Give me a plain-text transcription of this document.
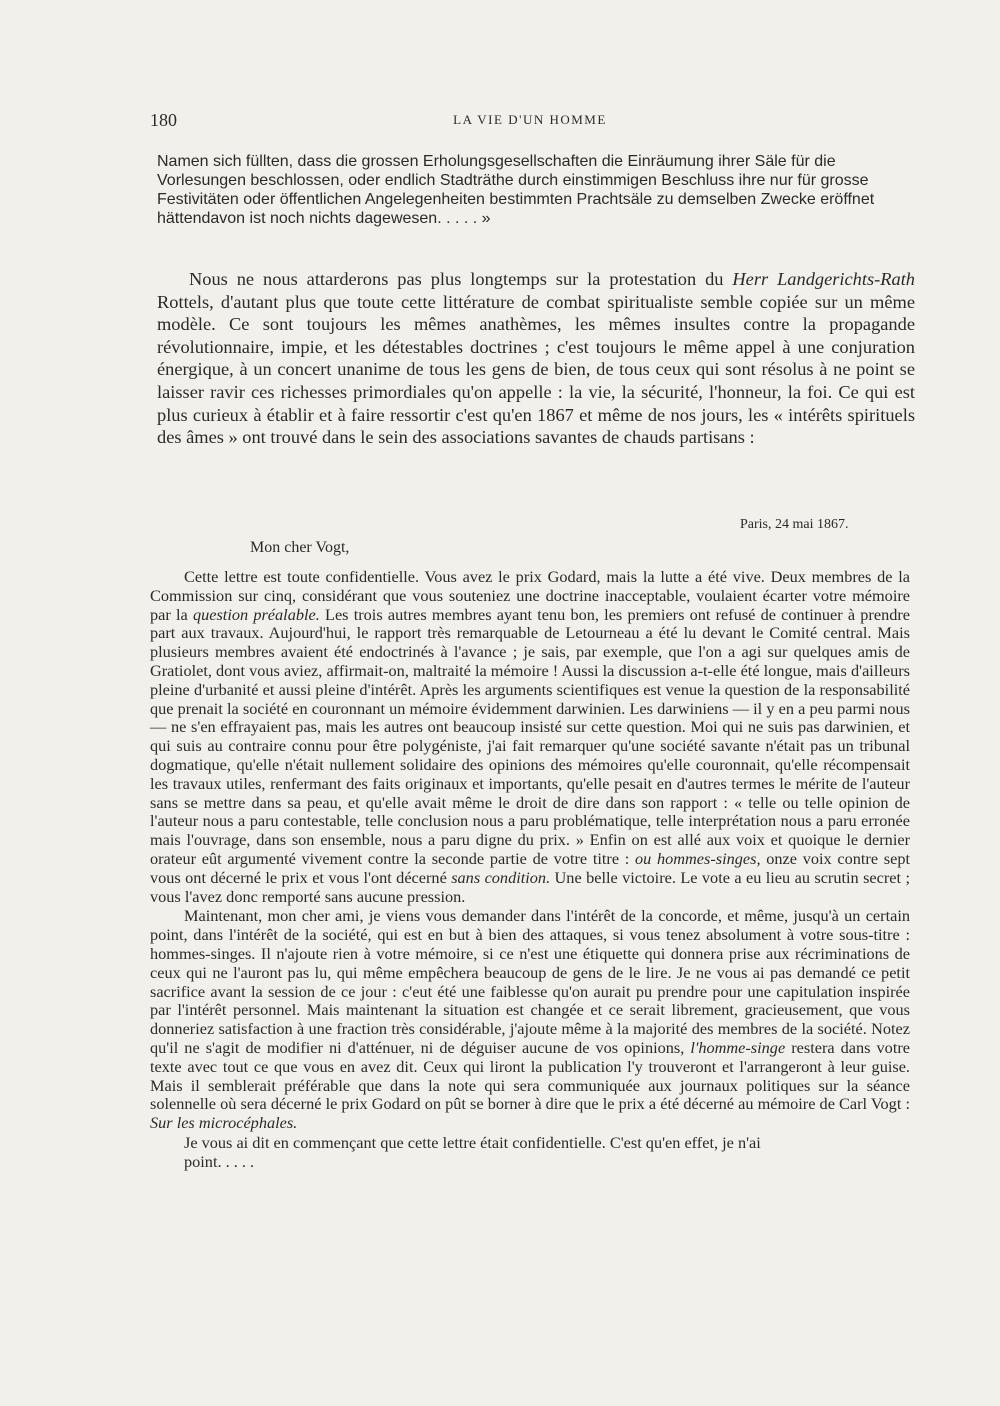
180	LA VIE D'UN HOMME
Namen sich füllten, dass die grossen Erholungsgesellschaften die Einräumung ihrer Säle für die
Vorlesungen beschlossen, oder endlich Stadträthe durch einstimmigen Beschluss ihre nur für grosse
Festivitäten oder öffentlichen Angelegenheiten bestimmten Prachtsäle zu demselben Zwecke eröffnet
hättendavon ist noch nichts dagewesen. . . . . »

Nous ne nous attarderons pas plus longtemps sur la protestation du Herr Landgerichts-Rath Rottels, d'autant plus que toute cette littérature de combat spiritualiste semble copiée sur un même modèle. Ce sont toujours les mêmes anathèmes, les mêmes insultes contre la propagande révolutionnaire, impie, et les détestables doctrines ; c'est toujours le même appel à une conjuration énergique, à un concert unanime de tous les gens de bien, de tous ceux qui sont résolus à ne point se laisser ravir ces richesses primordiales qu'on appelle : la vie, la sécurité, l'honneur, la foi. Ce qui est plus curieux à établir et à faire ressortir c'est qu'en 1867 et même de nos jours, les « intérêts spirituels des âmes » ont trouvé dans le sein des associations savantes de chauds partisans :

Paris, 24 mai 1867.
Mon cher Vogt,

Cette lettre est toute confidentielle. Vous avez le prix Godard, mais la lutte a été vive. Deux membres de la Commission sur cinq, considérant que vous souteniez une doctrine inacceptable, voulaient écarter votre mémoire par la question préalable. Les trois autres membres ayant tenu bon, les premiers ont refusé de continuer à prendre part aux travaux. Aujourd'hui, le rapport très remarquable de Letourneau a été lu devant le Comité central. Mais plusieurs membres avaient été endoctrinés à l'avance ; je sais, par exemple, que l'on a agi sur quelques amis de Gratiolet, dont vous aviez, affirmait-on, maltraité la mémoire ! Aussi la discussion a-t-elle été longue, mais d'ailleurs pleine d'urbanité et aussi pleine d'intérêt. Après les arguments scientifiques est venue la question de la responsabilité que prenait la société en couronnant un mémoire évidemment darwinien. Les darwiniens — il y en a peu parmi nous — ne s'en effrayaient pas, mais les autres ont beaucoup insisté sur cette question. Moi qui ne suis pas darwinien, et qui suis au contraire connu pour être polygéniste, j'ai fait remarquer qu'une société savante n'était pas un tribunal dogmatique, qu'elle n'était nullement solidaire des opinions des mémoires qu'elle couronnait, qu'elle récompensait les travaux utiles, renfermant des faits originaux et importants, qu'elle pesait en d'autres termes le mérite de l'auteur sans se mettre dans sa peau, et qu'elle avait même le droit de dire dans son rapport : « telle ou telle opinion de l'auteur nous a paru contestable, telle conclusion nous a paru problématique, telle interprétation nous a paru erronée mais l'ouvrage, dans son ensemble, nous a paru digne du prix. » Enfin on est allé aux voix et quoique le dernier orateur eût argumenté vivement contre la seconde partie de votre titre : ou hommes-singes, onze voix contre sept vous ont décerné le prix et vous l'ont décerné sans condition. Une belle victoire. Le vote a eu lieu au scrutin secret ; vous l'avez donc remporté sans aucune pression.

Maintenant, mon cher ami, je viens vous demander dans l'intérêt de la concorde, et même, jusqu'à un certain point, dans l'intérêt de la société, qui est en but à bien des attaques, si vous tenez absolument à votre sous-titre : hommes-singes. Il n'ajoute rien à votre mémoire, si ce n'est une étiquette qui donnera prise aux récriminations de ceux qui ne l'auront pas lu, qui même empêchera beaucoup de gens de le lire. Je ne vous ai pas demandé ce petit sacrifice avant la session de ce jour : c'eut été une faiblesse qu'on aurait pu prendre pour une capitulation inspirée par l'intérêt personnel. Mais maintenant la situation est changée et ce serait librement, gracieusement, que vous donneriez satisfaction à une fraction très considérable, j'ajoute même à la majorité des membres de la société. Notez qu'il ne s'agit de modifier ni d'atténuer, ni de déguiser aucune de vos opinions, l'homme-singe restera dans votre texte avec tout ce que vous en avez dit. Ceux qui liront la publication l'y trouveront et l'arrangeront à leur guise. Mais il semblerait préférable que dans la note qui sera communiquée aux journaux politiques sur la séance solennelle où sera décerné le prix Godard on pût se borner à dire que le prix a été décerné au mémoire de Carl Vogt : Sur les microcéphales.

Je vous ai dit en commençant que cette lettre était confidentielle. C'est qu'en effet, je n'ai
point. . . . .
